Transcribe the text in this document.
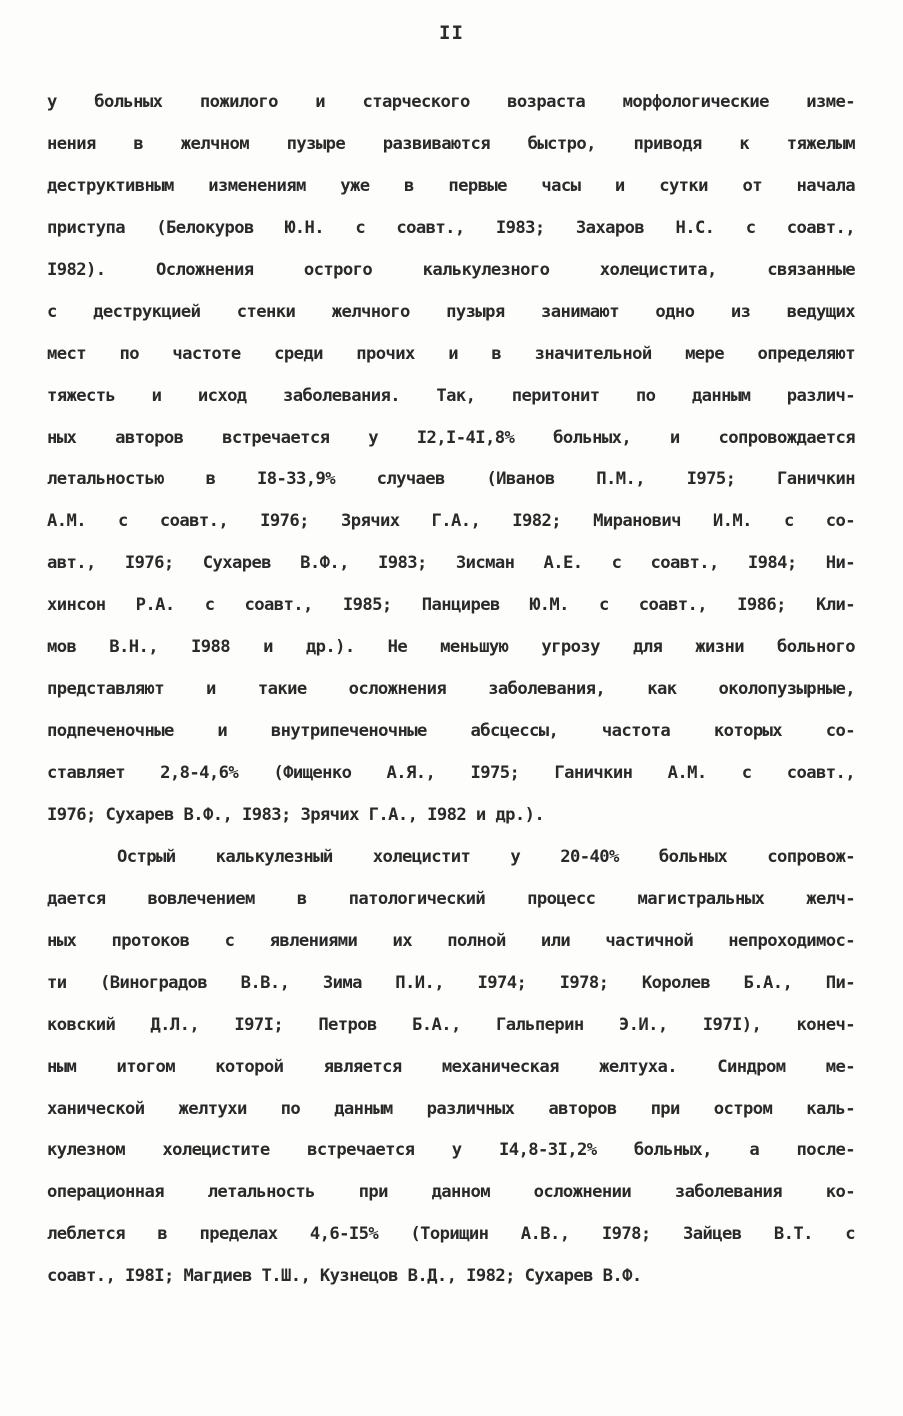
II
у больных пожилого и старческого возраста морфологические изме-
нения в желчном пузыре развиваются быстро, приводя к тяжелым
деструктивным изменениям уже в первые часы и сутки от начала
приступа (Белокуров Ю.Н. с соавт., I983; Захаров Н.С. с соавт.,
I982). Осложнения острого калькулезного холецистита, связанные
с деструкцией стенки желчного пузыря занимают одно из ведущих
мест по частоте среди прочих и в значительной мере определяют
тяжесть и исход заболевания. Так, перитонит по данным различ-
ных авторов встречается у I2,I-4I,8% больных, и сопровождается
летальностью в I8-33,9% случаев (Иванов П.М., I975; Ганичкин
А.М. с соавт., I976; Зрячих Г.А., I982; Миранович И.М. с со-
авт., I976; Сухарев В.Ф., I983; Зисман А.Е. с соавт., I984; Ни-
хинсон Р.А. с соавт., I985; Панцирев Ю.М. с соавт., I986; Кли-
мов В.Н., I988 и др.). Не меньшую угрозу для жизни больного
представляют и такие осложнения заболевания, как околопузырные,
подпеченочные и внутрипеченочные абсцессы, частота которых со-
ставляет 2,8-4,6% (Фищенко А.Я., I975; Ганичкин А.М. с соавт.,
I976; Сухарев В.Ф., I983; Зрячих Г.А., I982 и др.).
Острый калькулезный холецистит у 20-40% больных сопровож-
дается вовлечением в патологический процесс магистральных желч-
ных протоков с явлениями их полной или частичной непроходимос-
ти (Виноградов В.В., Зима П.И., I974; I978; Королев Б.А., Пи-
ковский Д.Л., I97I; Петров Б.А., Гальперин Э.И., I97I), конеч-
ным итогом которой является механическая желтуха. Синдром ме-
ханической желтухи по данным различных авторов при остром каль-
кулезном холецистите встречается у I4,8-3I,2% больных, а после-
операционная летальность при данном осложнении заболевания ко-
леблется в пределах 4,6-I5% (Торищин А.В., I978; Зайцев В.Т. с
соавт., I98I; Магдиев Т.Ш., Кузнецов В.Д., I982; Сухарев В.Ф.
